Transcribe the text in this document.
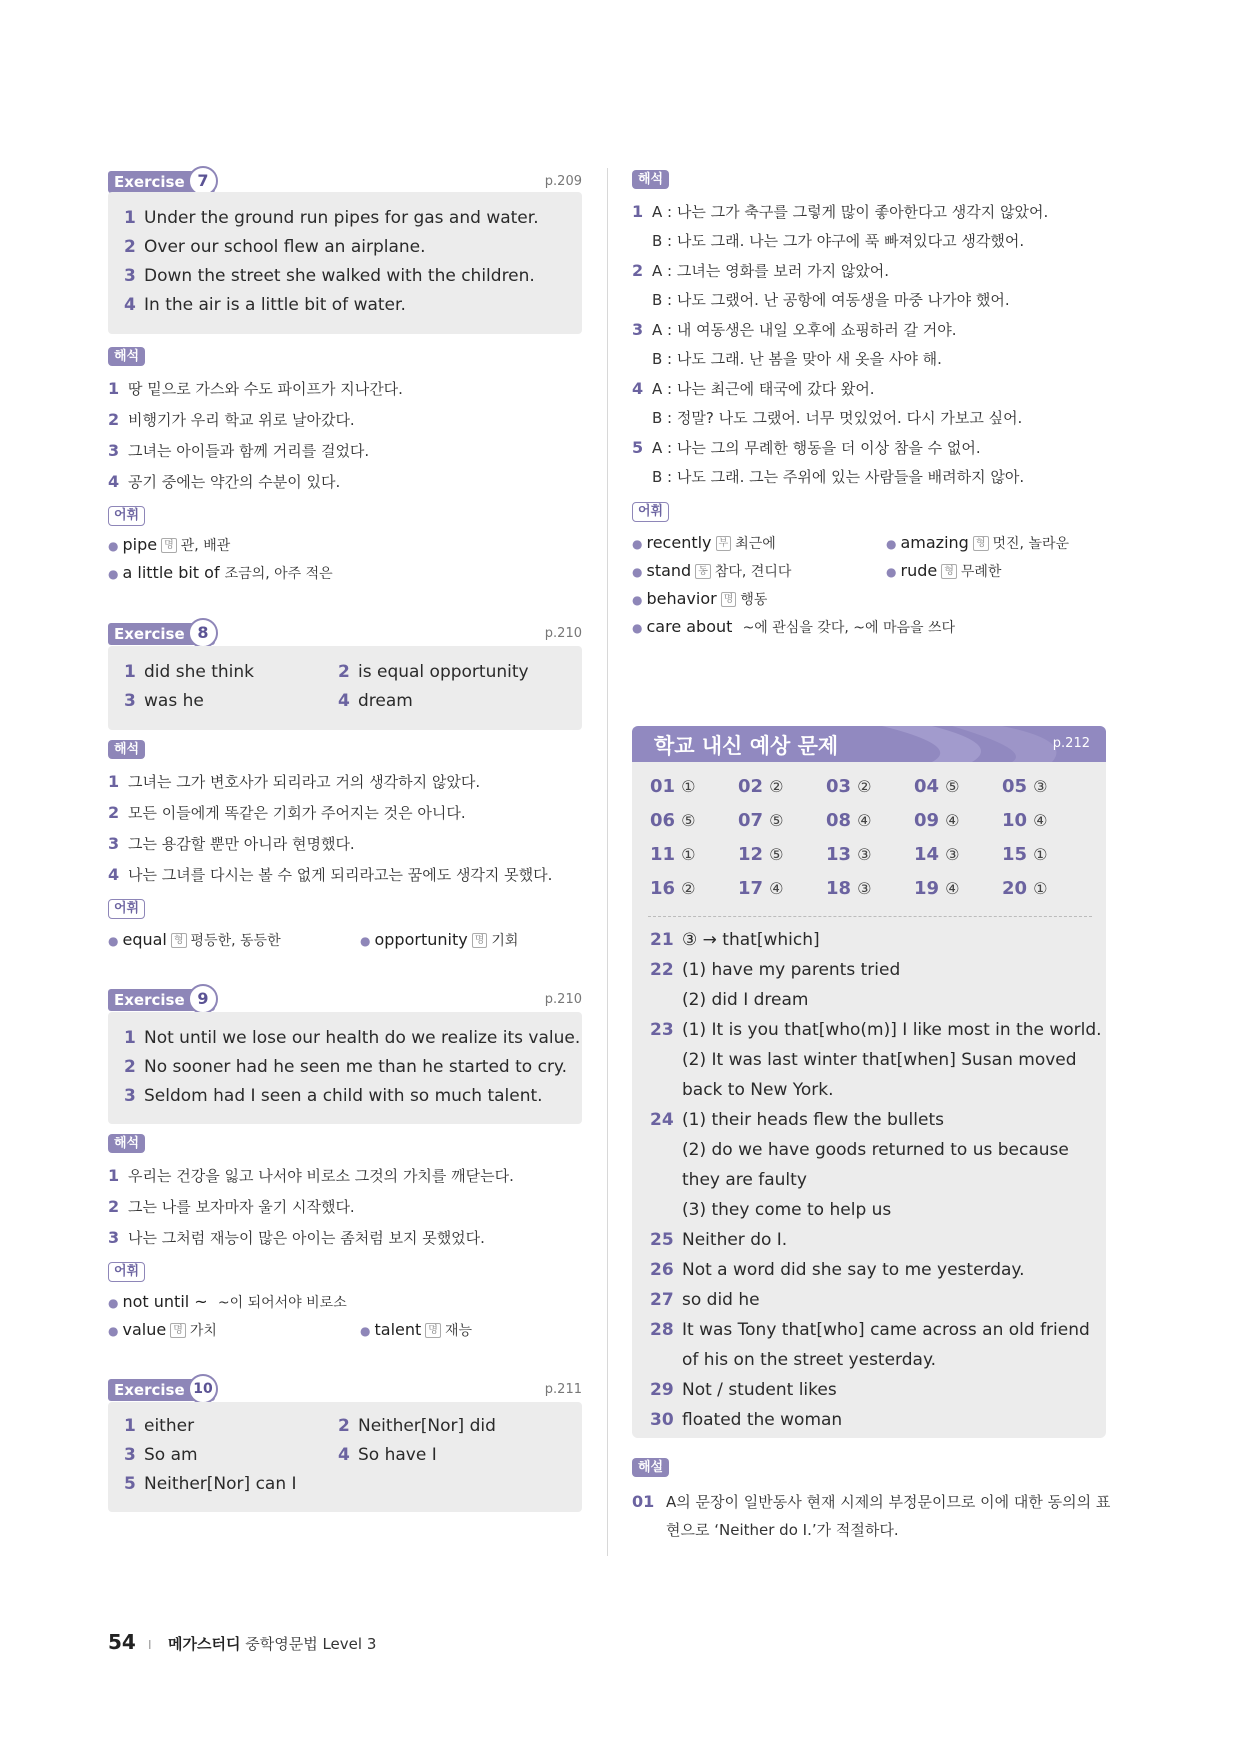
Exercise 7	p.209
1 Under the ground run pipes for gas and water.
2 Over our school flew an airplane.
3 Down the street she walked with the children.
4 In the air is a little bit of water.
해석
1 땅 밑으로 가스와 수도 파이프가 지나간다.
2 비행기가 우리 학교 위로 날아갔다.
3 그녀는 아이들과 함께 거리를 걸었다.
4 공기 중에는 약간의 수분이 있다.
어휘
● pipe 명 관, 배관
● a little bit of 조금의, 아주 적은
Exercise 8	p.210
1 did she think	2 is equal opportunity
3 was he	4 dream
해석
1 그녀는 그가 변호사가 되리라고 거의 생각하지 않았다.
2 모든 이들에게 똑같은 기회가 주어지는 것은 아니다.
3 그는 용감할 뿐만 아니라 현명했다.
4 나는 그녀를 다시는 볼 수 없게 되리라고는 꿈에도 생각지 못했다.
어휘
● equal 형 평등한, 동등한	● opportunity 명 기회
Exercise 9	p.210
1 Not until we lose our health do we realize its value.
2 No sooner had he seen me than he started to cry.
3 Seldom had I seen a child with so much talent.
해석
1 우리는 건강을 잃고 나서야 비로소 그것의 가치를 깨닫는다.
2 그는 나를 보자마자 울기 시작했다.
3 나는 그처럼 재능이 많은 아이는 좀처럼 보지 못했었다.
어휘
● not until ~ ~이 되어서야 비로소
● value 명 가치	● talent 명 재능
Exercise 10	p.211
1 either	2 Neither[Nor] did
3 So am	4 So have I
5 Neither[Nor] can I
해석
1 A : 나는 그가 축구를 그렇게 많이 좋아한다고 생각지 않았어.
B : 나도 그래. 나는 그가 야구에 푹 빠져있다고 생각했어.
2 A : 그녀는 영화를 보러 가지 않았어.
B : 나도 그랬어. 난 공항에 여동생을 마중 나가야 했어.
3 A : 내 여동생은 내일 오후에 쇼핑하러 갈 거야.
B : 나도 그래. 난 봄을 맞아 새 옷을 사야 해.
4 A : 나는 최근에 태국에 갔다 왔어.
B : 정말? 나도 그랬어. 너무 멋있었어. 다시 가보고 싶어.
5 A : 나는 그의 무례한 행동을 더 이상 참을 수 없어.
B : 나도 그래. 그는 주위에 있는 사람들을 배려하지 않아.
어휘
● recently 부 최근에	● amazing 형 멋진, 놀라운
● stand 동 참다, 견디다	● rude 형 무례한
● behavior 명 행동
● care about ~에 관심을 갖다, ~에 마음을 쓰다
학교 내신 예상 문제	p.212
01 ① 02 ② 03 ② 04 ⑤ 05 ③
06 ⑤ 07 ⑤ 08 ④ 09 ④ 10 ④
11 ① 12 ⑤ 13 ③ 14 ③ 15 ①
16 ② 17 ④ 18 ③ 19 ④ 20 ①
21 ③ → that[which]
22 (1) have my parents tried
(2) did I dream
23 (1) It is you that[who(m)] I like most in the world.
(2) It was last winter that[when] Susan moved
back to New York.
24 (1) their heads flew the bullets
(2) do we have goods returned to us because
they are faulty
(3) they come to help us
25 Neither do I.
26 Not a word did she say to me yesterday.
27 so did he
28 It was Tony that[who] came across an old friend
of his on the street yesterday.
29 Not / student likes
30 floated the woman
해설
01 A의 문장이 일반동사 현재 시제의 부정문이므로 이에 대한 동의의 표
현으로 ‘Neither do I.’가 적절하다.
54 I 메가스터디 중학영문법 Level 3
